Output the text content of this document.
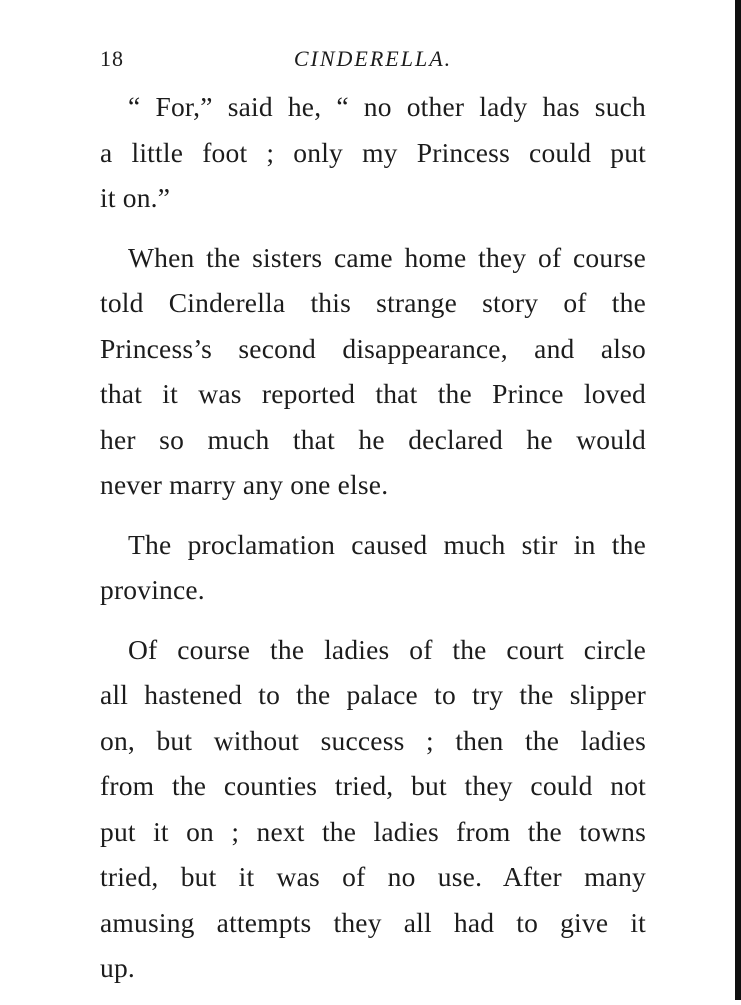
18	CINDERELLA.

“ For,” said he, “ no other lady has such
a little foot ; only my Princess could put
it on.”

When the sisters came home they of course
told Cinderella this strange story of the
Princess’s second disappearance, and also
that it was reported that the Prince loved
her so much that he declared he would
never marry any one else.

The proclamation caused much stir in the
province.

Of course the ladies of the court circle
all hastened to the palace to try the slipper
on, but without success ; then the ladies
from the counties tried, but they could not
put it on ; next the ladies from the towns
tried, but it was of no use. After many
amusing attempts they all had to give it
up.
